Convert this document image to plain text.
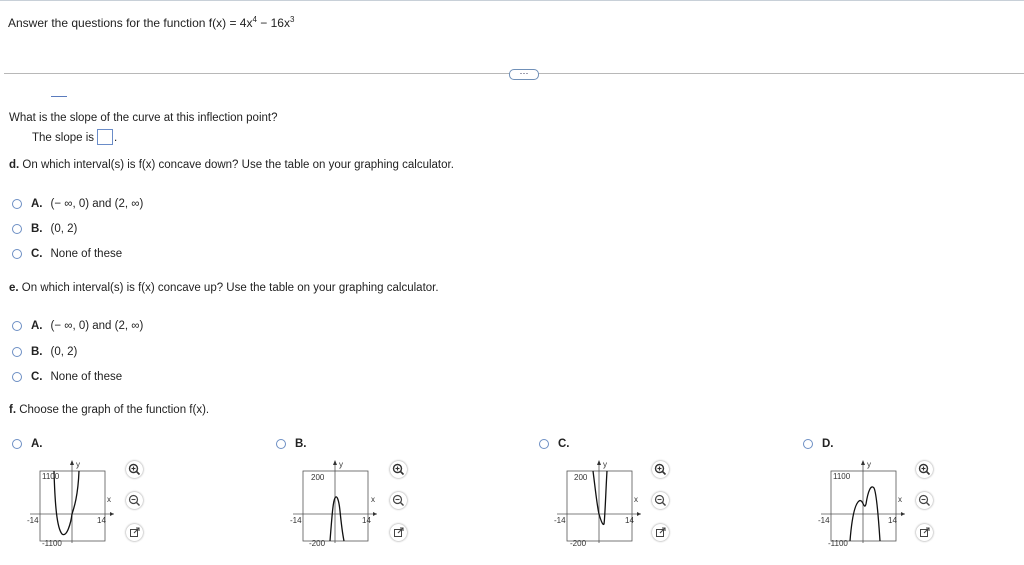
Answer the questions for the function $f(x) = 4x^4 - 16x^3$
⋯
What is the slope of the curve at this inflection point?
The slope is .
d. On which interval(s) is f(x) concave down? Use the table on your graphing calculator.
A. (− ∞, 0) and (2, ∞)
B. (0, 2)
C. None of these
e. On which interval(s) is f(x) concave up? Use the table on your graphing calculator.
A. (− ∞, 0) and (2, ∞)
B. (0, 2)
C. None of these
f. Choose the graph of the function f(x).
A.	B.	C.	D.
1100
-1100
-14	14
x
y
200
-200
-14	14
x
y
200
-200
-14	14
x
y
1100
-1100
-14	14
x
y
